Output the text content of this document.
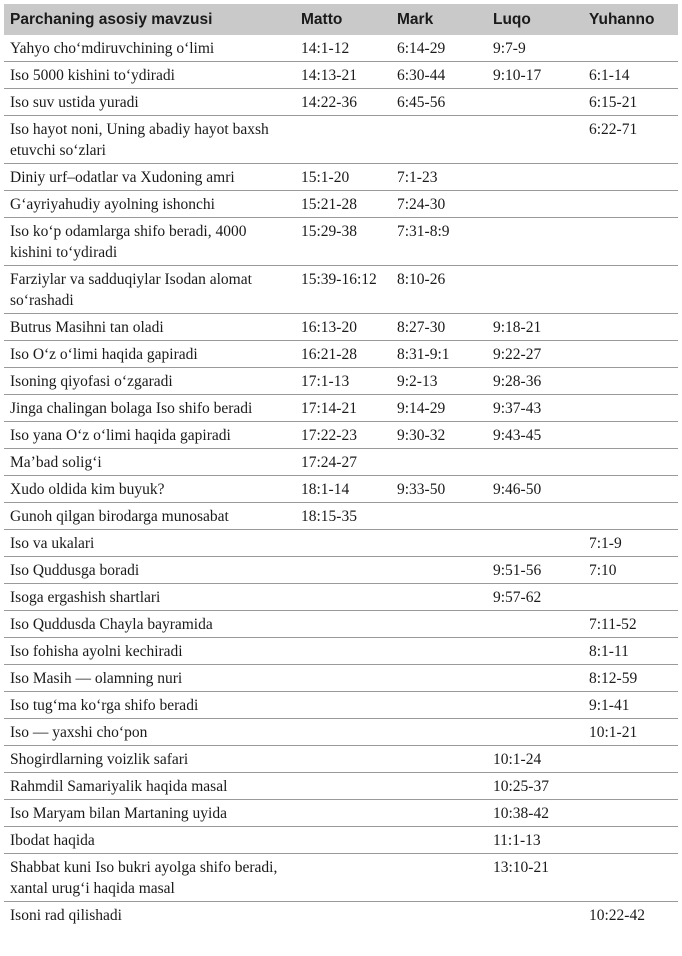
Parchaning asosiy mavzusi	Matto	Mark	Luqo	Yuhanno
Yahyo cho‘mdiruvchining o‘limi	14:1-12	6:14-29	9:7-9	
Iso 5000 kishini to‘ydiradi	14:13-21	6:30-44	9:10-17	6:1-14
Iso suv ustida yuradi	14:22-36	6:45-56		6:15-21
Iso hayot noni, Uning abadiy hayot baxsh etuvchi so‘zlari				6:22-71
Diniy urf–odatlar va Xudoning amri	15:1-20	7:1-23		
G‘ayriyahudiy ayolning ishonchi	15:21-28	7:24-30		
Iso ko‘p odamlarga shifo beradi, 4000 kishini to‘ydiradi	15:29-38	7:31-8:9		
Farziylar va sadduqiylar Isodan alomat so‘rashadi	15:39-16:12	8:10-26		
Butrus Masihni tan oladi	16:13-20	8:27-30	9:18-21	
Iso O‘z o‘limi haqida gapiradi	16:21-28	8:31-9:1	9:22-27	
Isoning qiyofasi o‘zgaradi	17:1-13	9:2-13	9:28-36	
Jinga chalingan bolaga Iso shifo beradi	17:14-21	9:14-29	9:37-43	
Iso yana O‘z o‘limi haqida gapiradi	17:22-23	9:30-32	9:43-45	
Ma’bad solig‘i	17:24-27			
Xudo oldida kim buyuk?	18:1-14	9:33-50	9:46-50	
Gunoh qilgan birodarga munosabat	18:15-35			
Iso va ukalari				7:1-9
Iso Quddusga boradi			9:51-56	7:10
Isoga ergashish shartlari			9:57-62	
Iso Quddusda Chayla bayramida				7:11-52
Iso fohisha ayolni kechiradi				8:1-11
Iso Masih — olamning nuri				8:12-59
Iso tug‘ma ko‘rga shifo beradi				9:1-41
Iso — yaxshi cho‘pon				10:1-21
Shogirdlarning voizlik safari			10:1-24	
Rahmdil Samariyalik haqida masal			10:25-37	
Iso Maryam bilan Martaning uyida			10:38-42	
Ibodat haqida			11:1-13	
Shabbat kuni Iso bukri ayolga shifo beradi, xantal urug‘i haqida masal			13:10-21	
Isoni rad qilishadi				10:22-42
